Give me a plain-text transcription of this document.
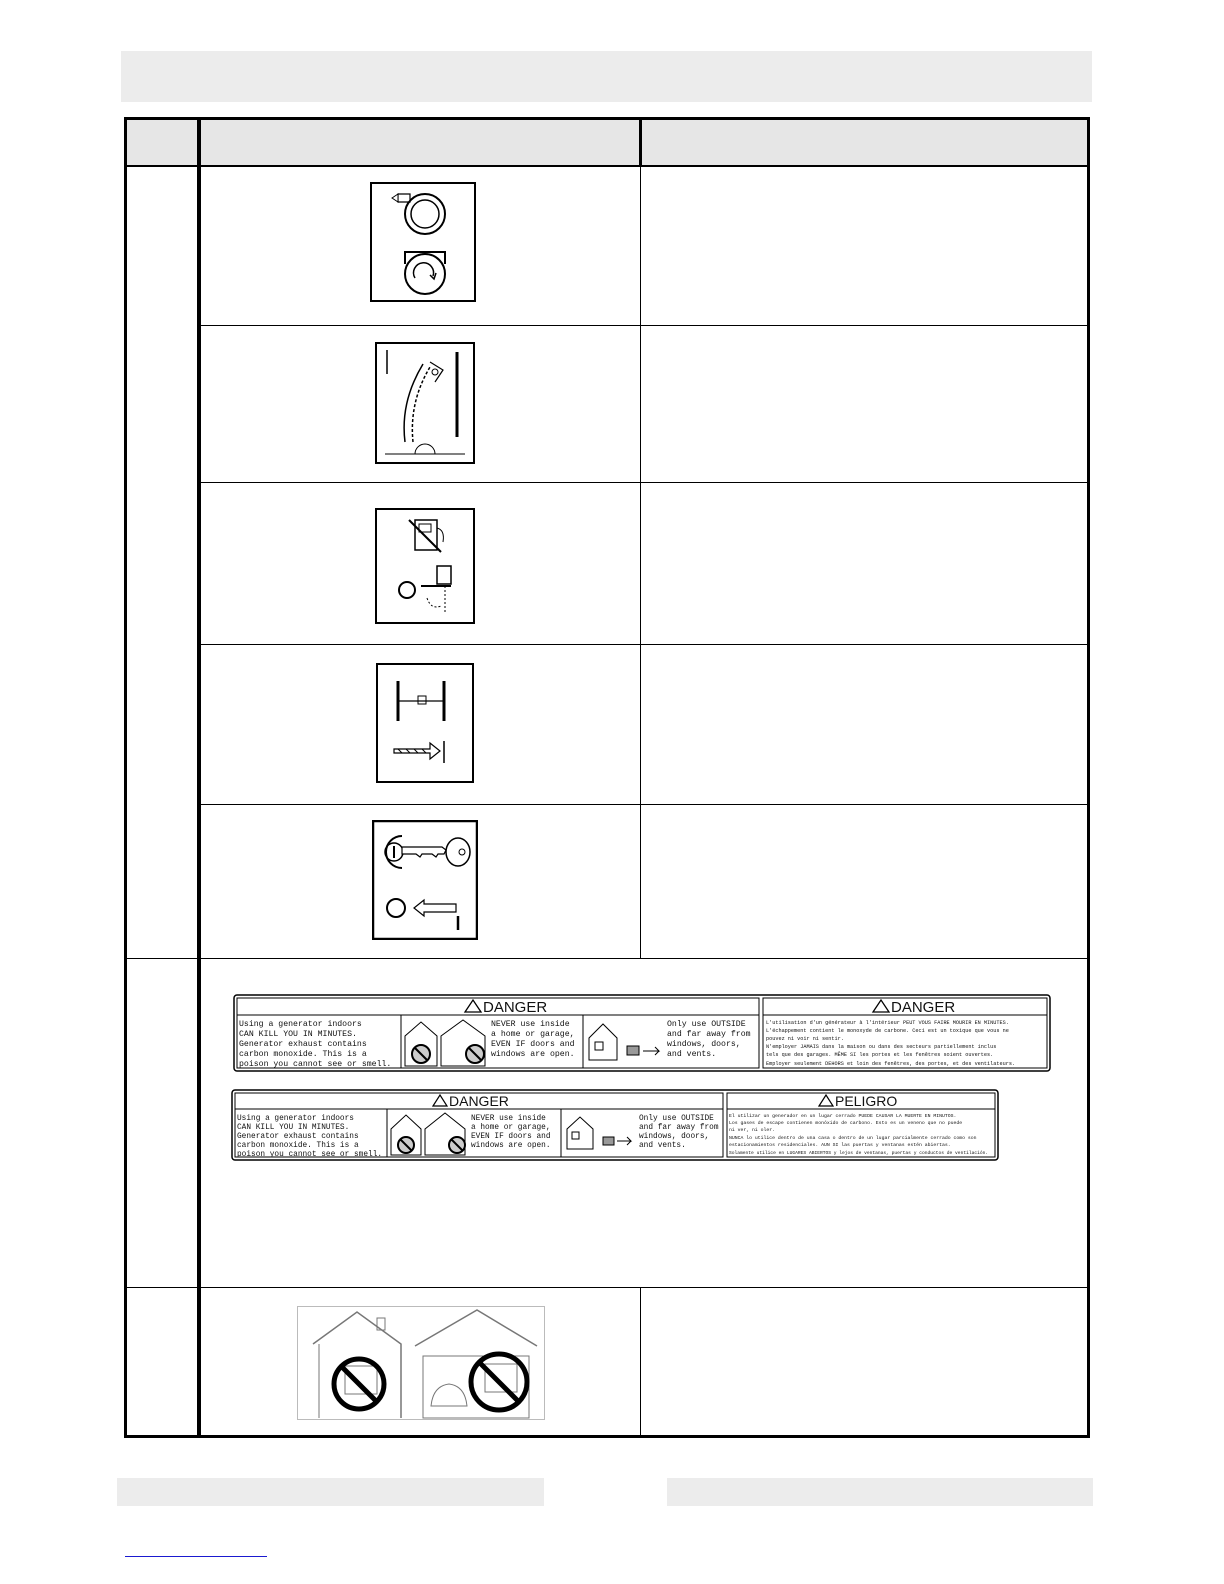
DANGER	DANGER
Using a generator indoors
CAN KILL YOU IN MINUTES.
Generator exhaust contains
carbon monoxide. This is a
poison you cannot see or smell.
NEVER use inside
a home or garage,
EVEN IF doors and
windows are open.
Only use OUTSIDE
and far away from
windows, doors,
and vents.
L'utilisation d'un générateur à l'intérieur PEUT VOUS FAIRE MOURIR EN MINUTES.
L'échappement contient le monoxyde de carbone. Ceci est un toxique que vous ne
pouvez ni voir ni sentir.
N'employer JAMAIS dans la maison ou dans des secteurs partiellement inclus
tels que des garages. MÊME SI les portes et les fenêtres soient ouvertes.
Employer seulement DEHORS et loin des fenêtres, des portes, et des ventilateurs.
DANGER	PELIGRO
Using a generator indoors
CAN KILL YOU IN MINUTES.
Generator exhaust contains
carbon monoxide. This is a
poison you cannot see or smell.
NEVER use inside
a home or garage,
EVEN IF doors and
windows are open.
Only use OUTSIDE
and far away from
windows, doors,
and vents.
El utilizar un generador en un lugar cerrado PUEDE CAUSAR LA MUERTE EN MINUTOS.
Los gases de escape contienen monóxido de carbono. Esto es un veneno que no puede
ni ver, ni oler.
NUNCA lo utilice dentro de una casa o dentro de un lugar parcialmente cerrado como son
estacionamientos residenciales. AUN SI las puertas y ventanas estén abiertas.
Solamente utilice en LUGARES ABIERTOS y lejos de ventanas, puertas y conductos de ventilación.
